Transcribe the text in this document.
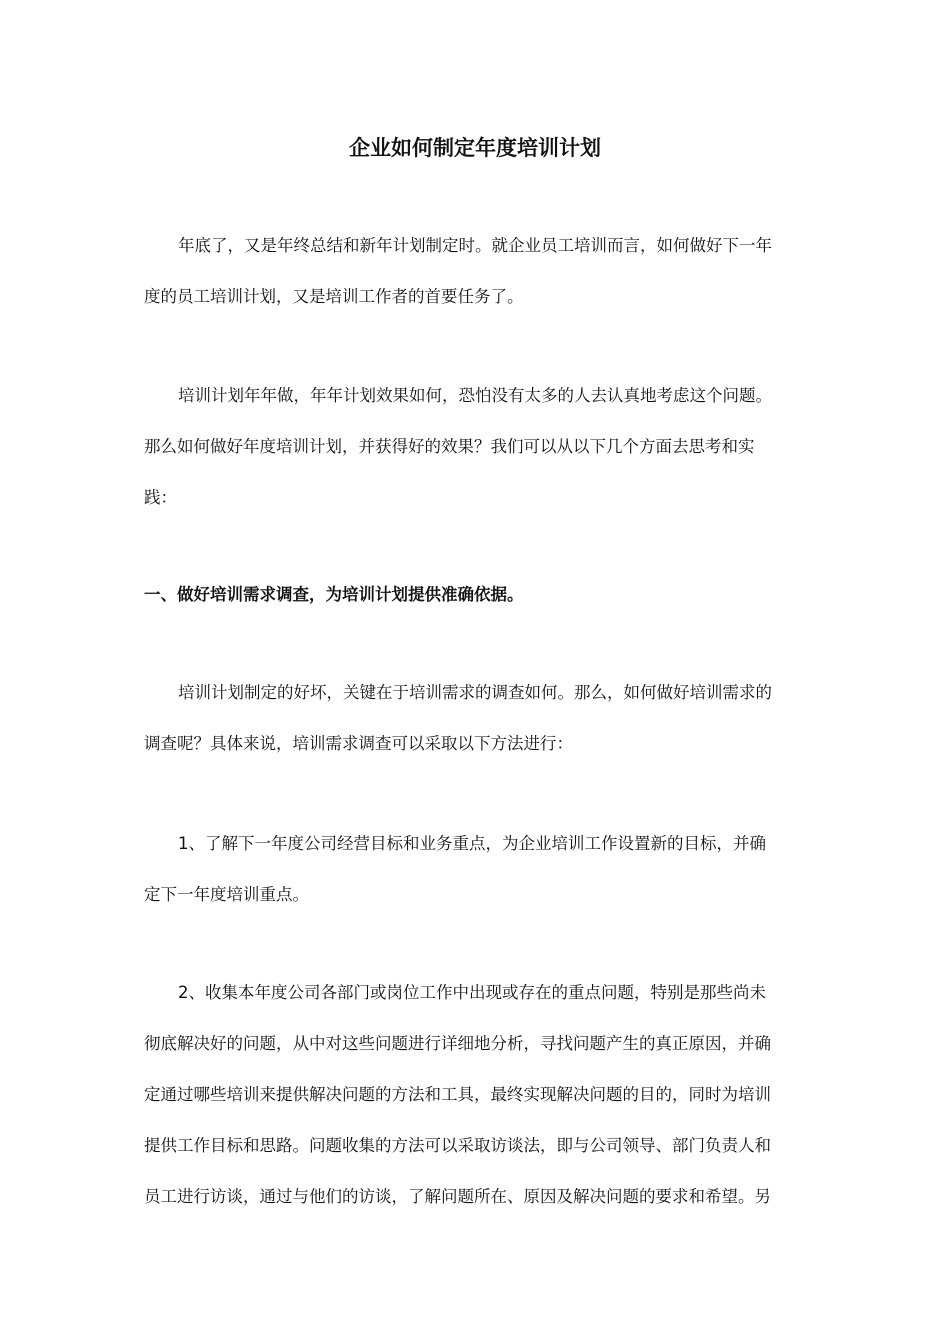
企业如何制定年度培训计划
年底了，又是年终总结和新年计划制定时。就企业员工培训而言，如何做好下一年
度的员工培训计划，又是培训工作者的首要任务了。
培训计划年年做，年年计划效果如何，恐怕没有太多的人去认真地考虑这个问题。
那么如何做好年度培训计划，并获得好的效果？我们可以从以下几个方面去思考和实
践：
一、做好培训需求调查，为培训计划提供准确依据。
培训计划制定的好坏，关键在于培训需求的调查如何。那么，如何做好培训需求的
调查呢？具体来说，培训需求调查可以采取以下方法进行：
1、了解下一年度公司经营目标和业务重点，为企业培训工作设置新的目标，并确
定下一年度培训重点。
2、收集本年度公司各部门或岗位工作中出现或存在的重点问题，特别是那些尚未
彻底解决好的问题，从中对这些问题进行详细地分析，寻找问题产生的真正原因，并确
定通过哪些培训来提供解决问题的方法和工具，最终实现解决问题的目的，同时为培训
提供工作目标和思路。问题收集的方法可以采取访谈法，即与公司领导、部门负责人和
员工进行访谈，通过与他们的访谈，了解问题所在、原因及解决问题的要求和希望。另
